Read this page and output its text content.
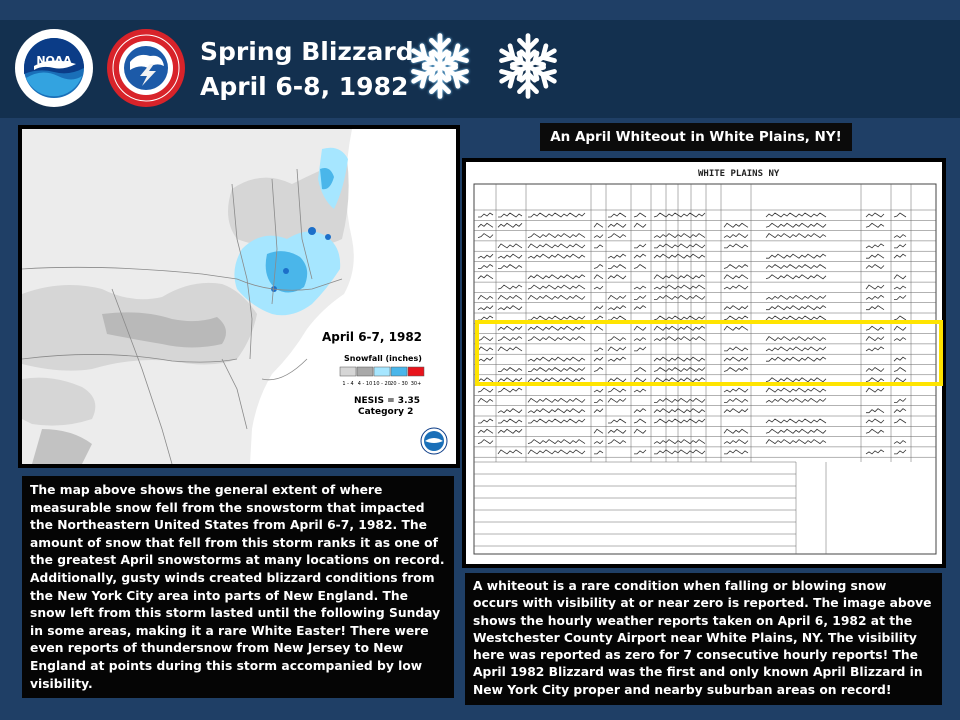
NOAA	Spring Blizzard
April 6-8, 1982
April 6-7, 1982
Snowfall (inches)
1 - 4 4 - 10 10 - 20 20 - 30 30+
NESIS = 3.35
Category 2
The map above shows the general extent of where measurable snow fell from the snowstorm that impacted the Northeastern United States from April 6-7, 1982. The amount of snow that fell from this storm ranks it as one of the greatest April snowstorms at many locations on record. Additionally, gusty winds created blizzard conditions from the New York City area into parts of New England. The snow left from this storm lasted until the following Sunday in some areas, making it a rare White Easter! There were even reports of thundersnow from New Jersey to New England at points during this storm accompanied by low visibility.
An April Whiteout in White Plains, NY!
WHITE PLAINS NY
A whiteout is a rare condition when falling or blowing snow occurs with visibility at or near zero is reported. The image above shows the hourly weather reports taken on April 6, 1982 at the Westchester County Airport near White Plains, NY. The visibility here was reported as zero for 7 consecutive hourly reports! The April 1982 Blizzard was the first and only known April Blizzard in New York City proper and nearby suburban areas on record!
